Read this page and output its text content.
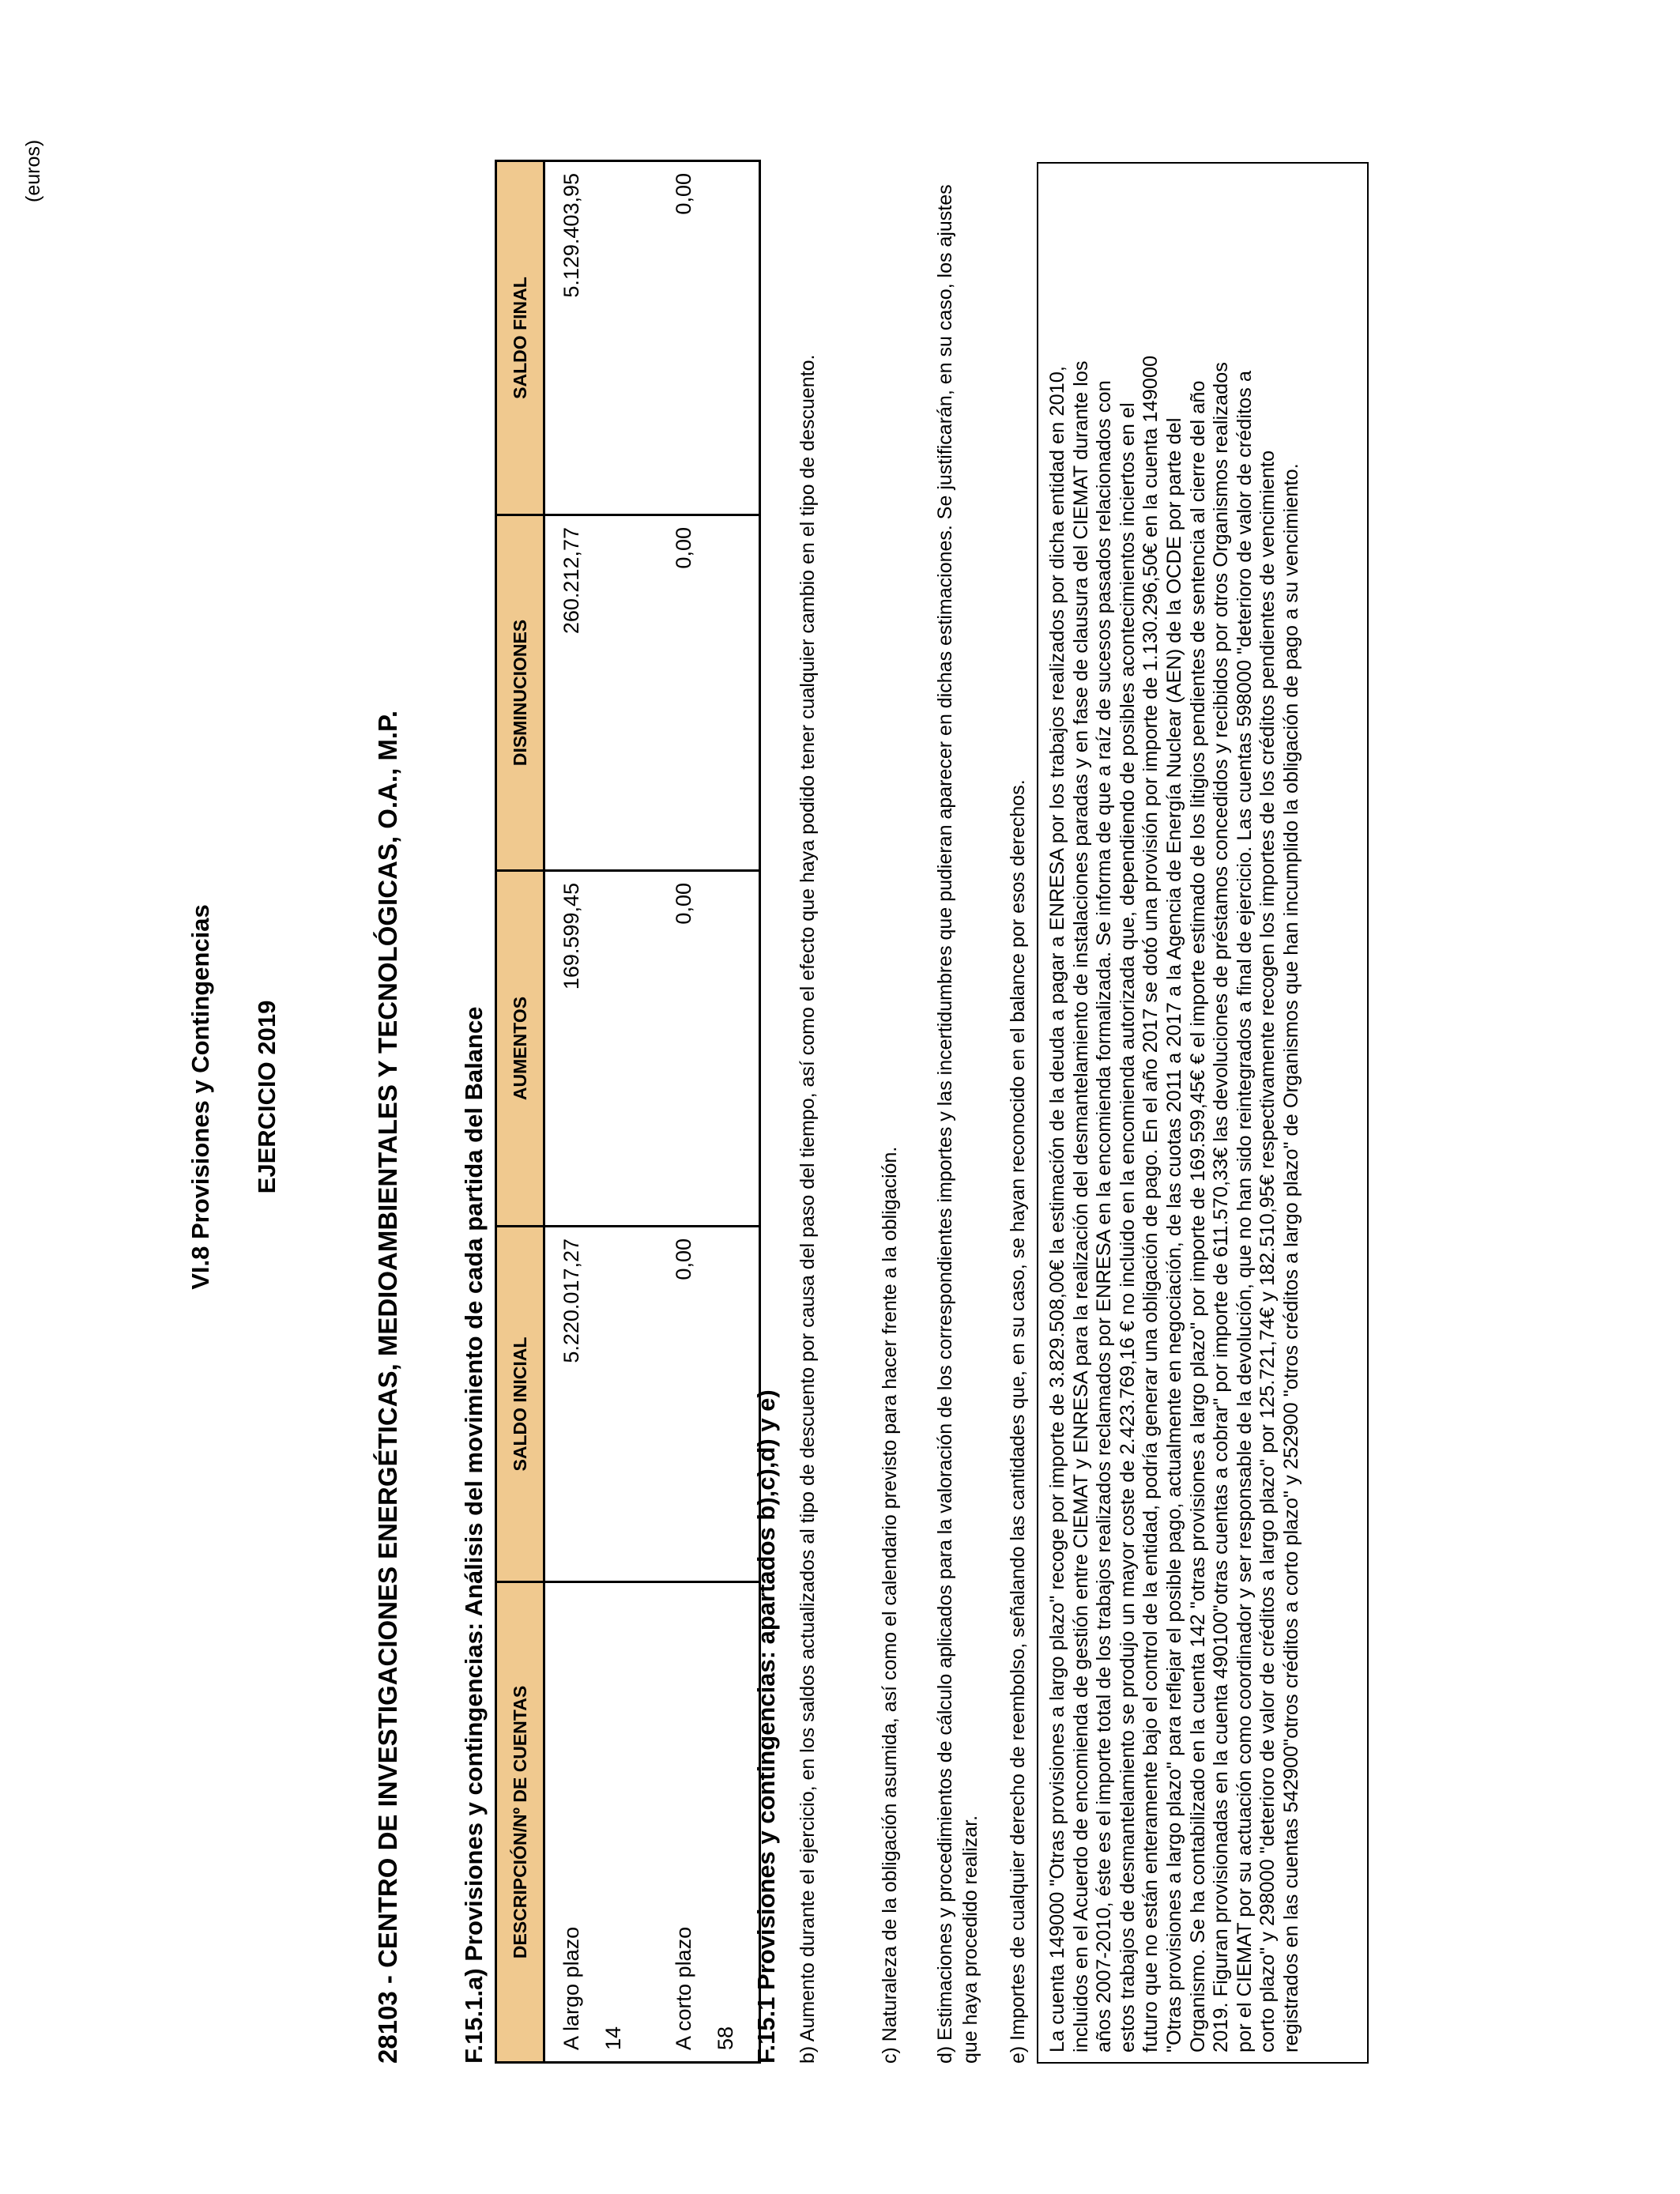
VI.8 Provisiones y Contingencias EJERCICIO 2019
(euros)
28103 - CENTRO DE INVESTIGACIONES ENERGÉTICAS, MEDIOAMBIENTALES Y TECNOLÓGICAS, O.A., M.P. F.15.1.a) Provisiones y contingencias: Análisis del movimiento de cada partida del Balance DESCRIPCIÓN/Nº DE CUENTAS	SALDO INICIAL	AUMENTOS	DISMINUCIONES	SALDO FINAL
A largo plazo 14	5.220.017,27	169.599,45	260.212,77	5.129.403,95
A corto plazo 58	0,00	0,00	0,00	0,00
F.15.1 Provisiones y contingencias: apartados b),c),d) y e) b) Aumento durante el ejercicio, en los saldos actualizados al tipo de descuento por causa del paso del tiempo, así como el efecto que haya podido tener cualquier cambio en el tipo de descuento.	c) Naturaleza de la obligación asumida, así como el calendario previsto para hacer frente a la obligación. d) Estimaciones y procedimientos de cálculo aplicados para la valoración de los correspondientes importes y las incertidumbres que pudieran aparecer en dichas estimaciones. Se justificarán, en su caso, los ajustes que haya procedido realizar. e) Importes de cualquier derecho de reembolso, señalando las cantidades que, en su caso, se hayan reconocido en el balance por esos derechos. La cuenta 149000 "Otras provisiones a largo plazo" recoge por importe de 3.829.508,00€ la estimación de la deuda a pagar a ENRESA por los trabajos realizados por dicha entidad en 2010, incluidos en el Acuerdo de encomienda de gestión entre CIEMAT y ENRESA para la realización del desmantelamiento de instalaciones paradas y en fase de clausura del CIEMAT durante los años 2007-2010, éste es el importe total de los trabajos realizados reclamados por ENRESA en la encomienda formalizada. Se informa de que a raíz de sucesos pasados relacionados con estos trabajos de desmantelamiento se produjo un mayor coste de 2.423.769,16 € no incluido en la encomienda autorizada que, dependiendo de posibles acontecimientos inciertos en el futuro que no están enteramente bajo el control de la entidad, podría generar una obligación de pago. En el año 2017 se dotó una provisión por importe de 1.130.296,50€ en la cuenta 149000 "Otras provisiones a largo plazo" para reflejar el posible pago, actualmente en negociación, de las cuotas 2011 a 2017 a la Agencia de Energía Nuclear (AEN) de la OCDE por parte del Organismo. Se ha contabilizado en la cuenta 142 "otras provisiones a largo plazo" por importe de 169.599,45€ € el importe estimado de los litigios pendientes de sentencia al cierre del año 2019. Figuran provisionadas en la cuenta 490100"otras cuentas a cobrar" por importe de 611.570,33€ las devoluciones de préstamos concedidos y recibidos por otros Organismos realizados por el CIEMAT por su actuación como coordinador y ser responsable de la devolución, que no han sido reintegrados a final de ejercicio. Las cuentas 598000 "deterioro de valor de créditos a corto plazo" y 298000 "deterioro de valor de créditos a largo plazo" por 125.721,74€ y 182.510,95€ respectivamente recogen los importes de los créditos pendientes de vencimiento registrados en las cuentas 542900"otros créditos a corto plazo" y 252900 "otros créditos a largo plazo" de Organismos que han incumplido la obligación de pago a su vencimiento.
